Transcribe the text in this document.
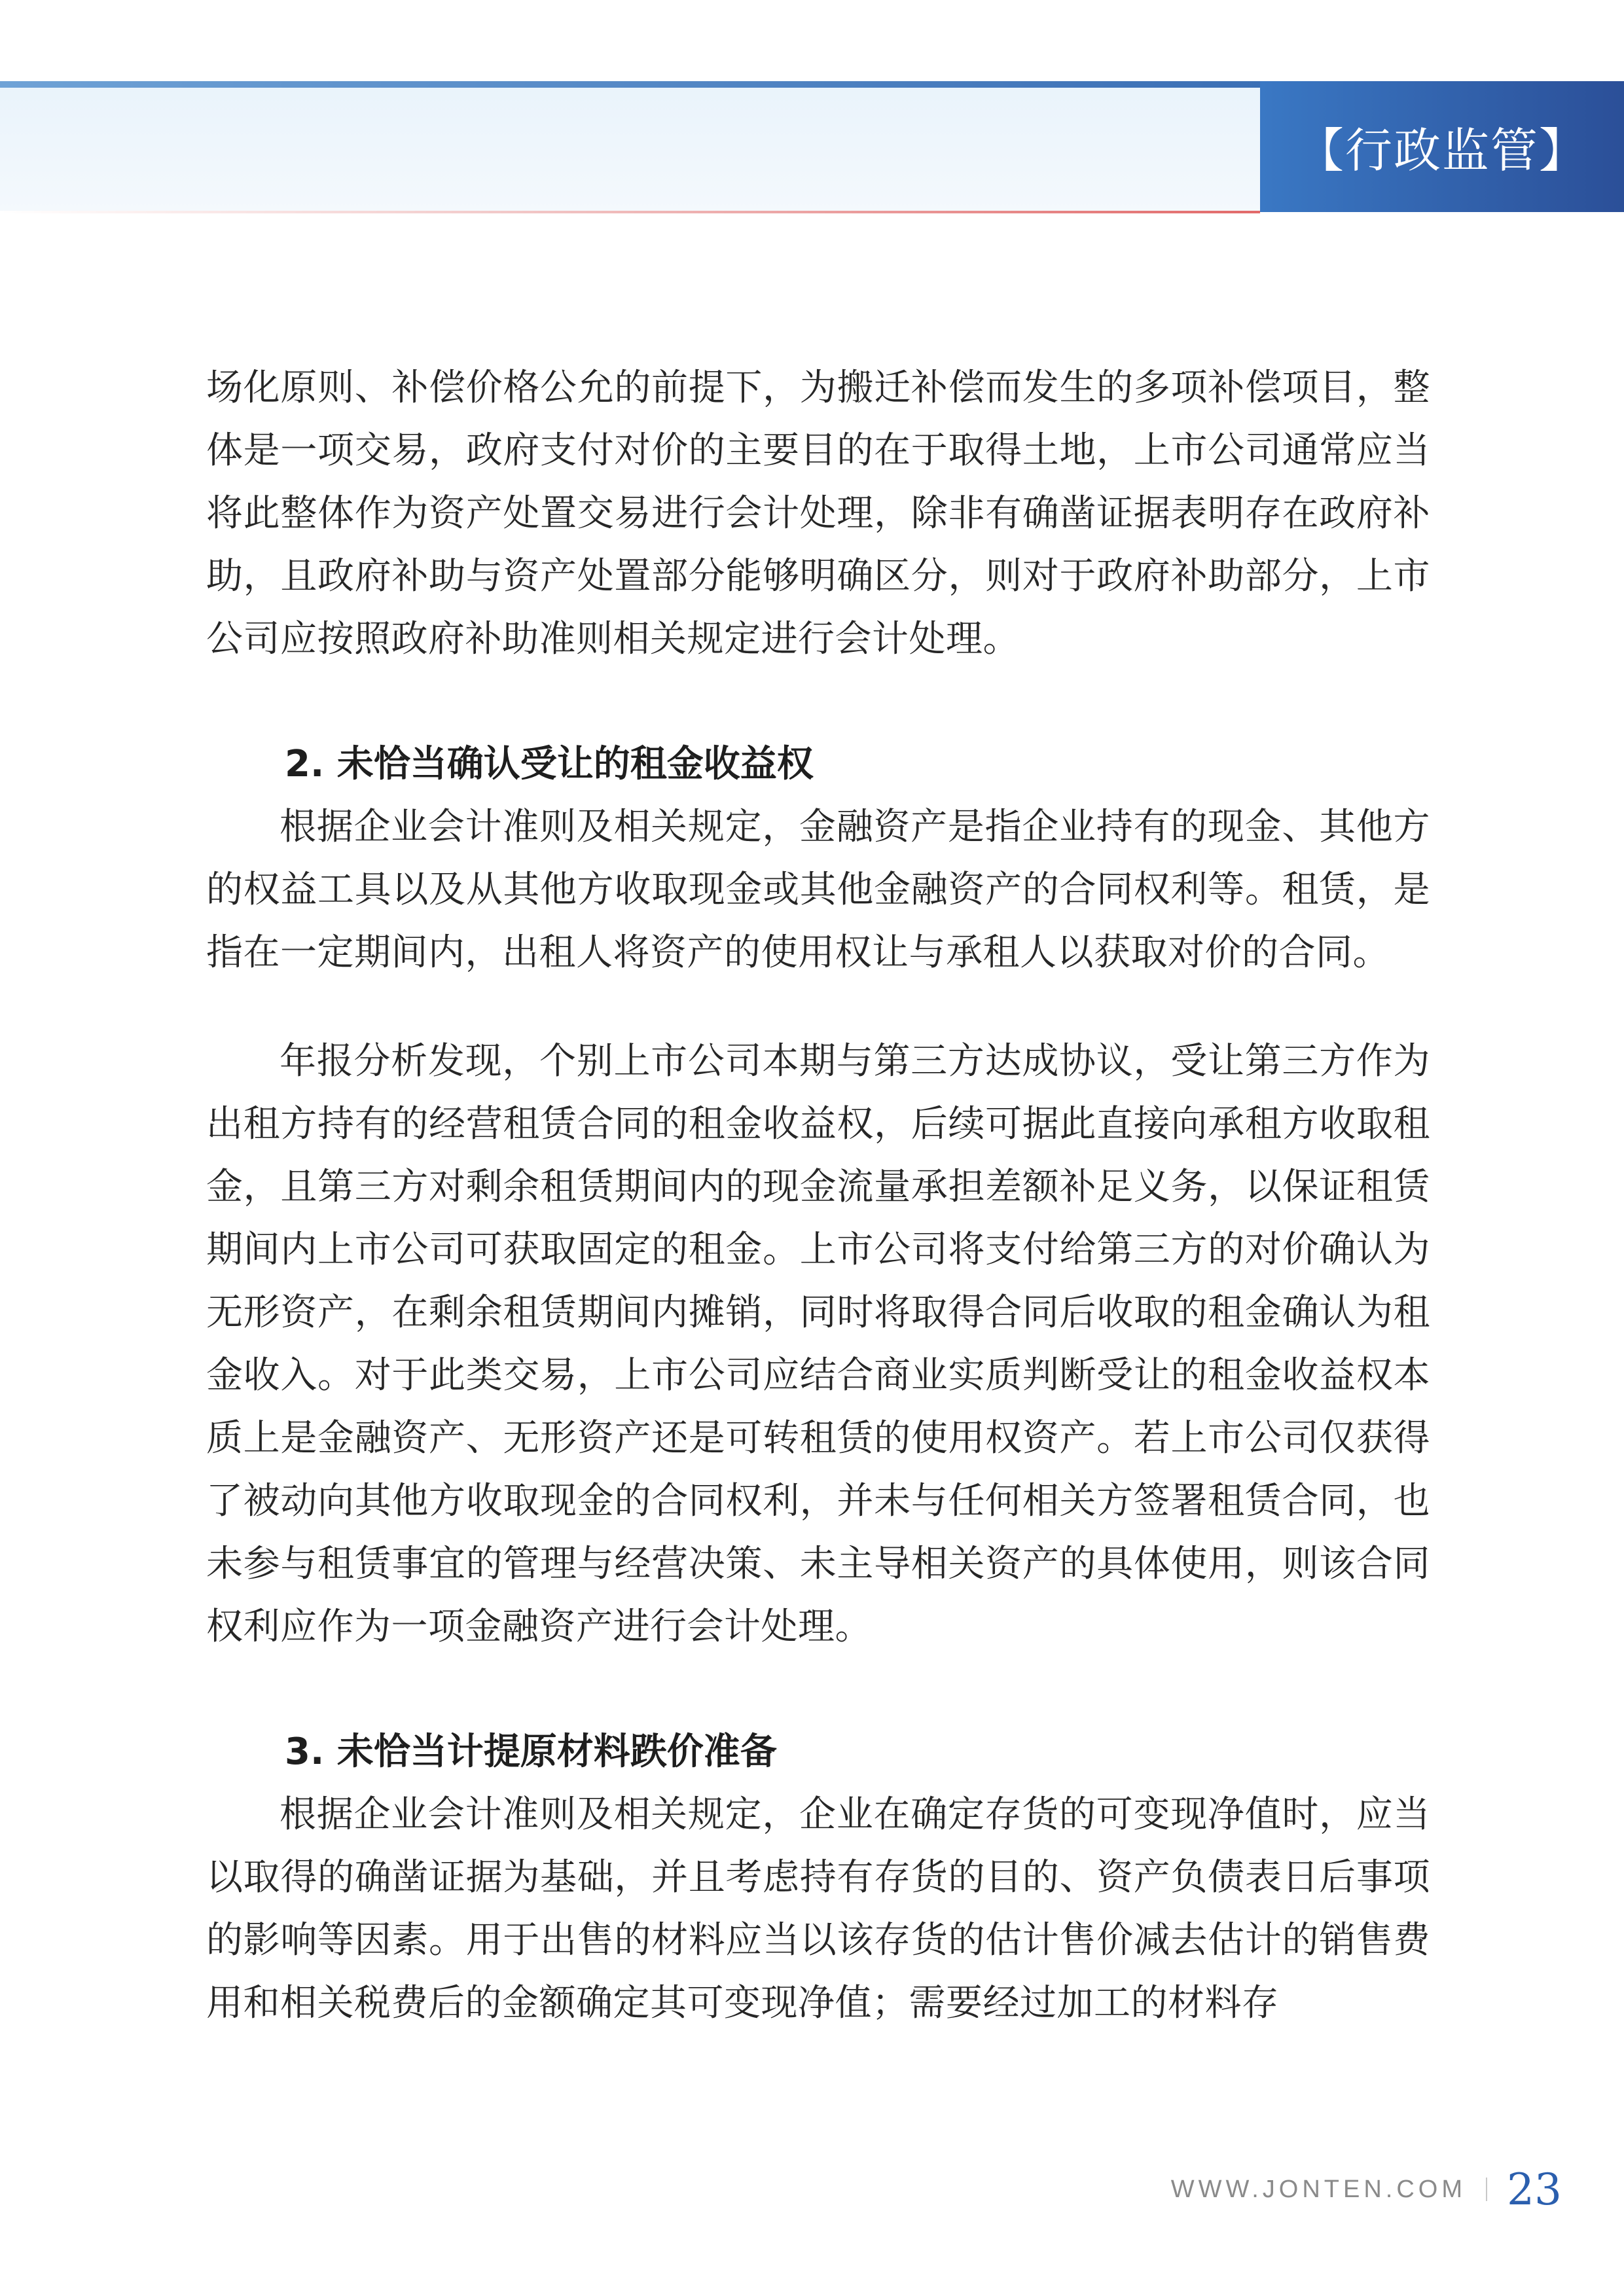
【行政监管】

场化原则、补偿价格公允的前提下，为搬迁补偿而发生的多项补偿项目，整体是一项交易，政府支付对价的主要目的在于取得土地，上市公司通常应当将此整体作为资产处置交易进行会计处理，除非有确凿证据表明存在政府补助，且政府补助与资产处置部分能够明确区分，则对于政府补助部分，上市公司应按照政府补助准则相关规定进行会计处理。

2. 未恰当确认受让的租金收益权

根据企业会计准则及相关规定，金融资产是指企业持有的现金、其他方的权益工具以及从其他方收取现金或其他金融资产的合同权利等。租赁，是指在一定期间内，出租人将资产的使用权让与承租人以获取对价的合同。

年报分析发现，个别上市公司本期与第三方达成协议，受让第三方作为出租方持有的经营租赁合同的租金收益权，后续可据此直接向承租方收取租金，且第三方对剩余租赁期间内的现金流量承担差额补足义务，以保证租赁期间内上市公司可获取固定的租金。上市公司将支付给第三方的对价确认为无形资产，在剩余租赁期间内摊销，同时将取得合同后收取的租金确认为租金收入。对于此类交易，上市公司应结合商业实质判断受让的租金收益权本质上是金融资产、无形资产还是可转租赁的使用权资产。若上市公司仅获得了被动向其他方收取现金的合同权利，并未与任何相关方签署租赁合同，也未参与租赁事宜的管理与经营决策、未主导相关资产的具体使用，则该合同权利应作为一项金融资产进行会计处理。

3. 未恰当计提原材料跌价准备

根据企业会计准则及相关规定，企业在确定存货的可变现净值时，应当以取得的确凿证据为基础，并且考虑持有存货的目的、资产负债表日后事项的影响等因素。用于出售的材料应当以该存货的估计售价减去估计的销售费用和相关税费后的金额确定其可变现净值；需要经过加工的材料存

WWW.JONTEN.COM 23
